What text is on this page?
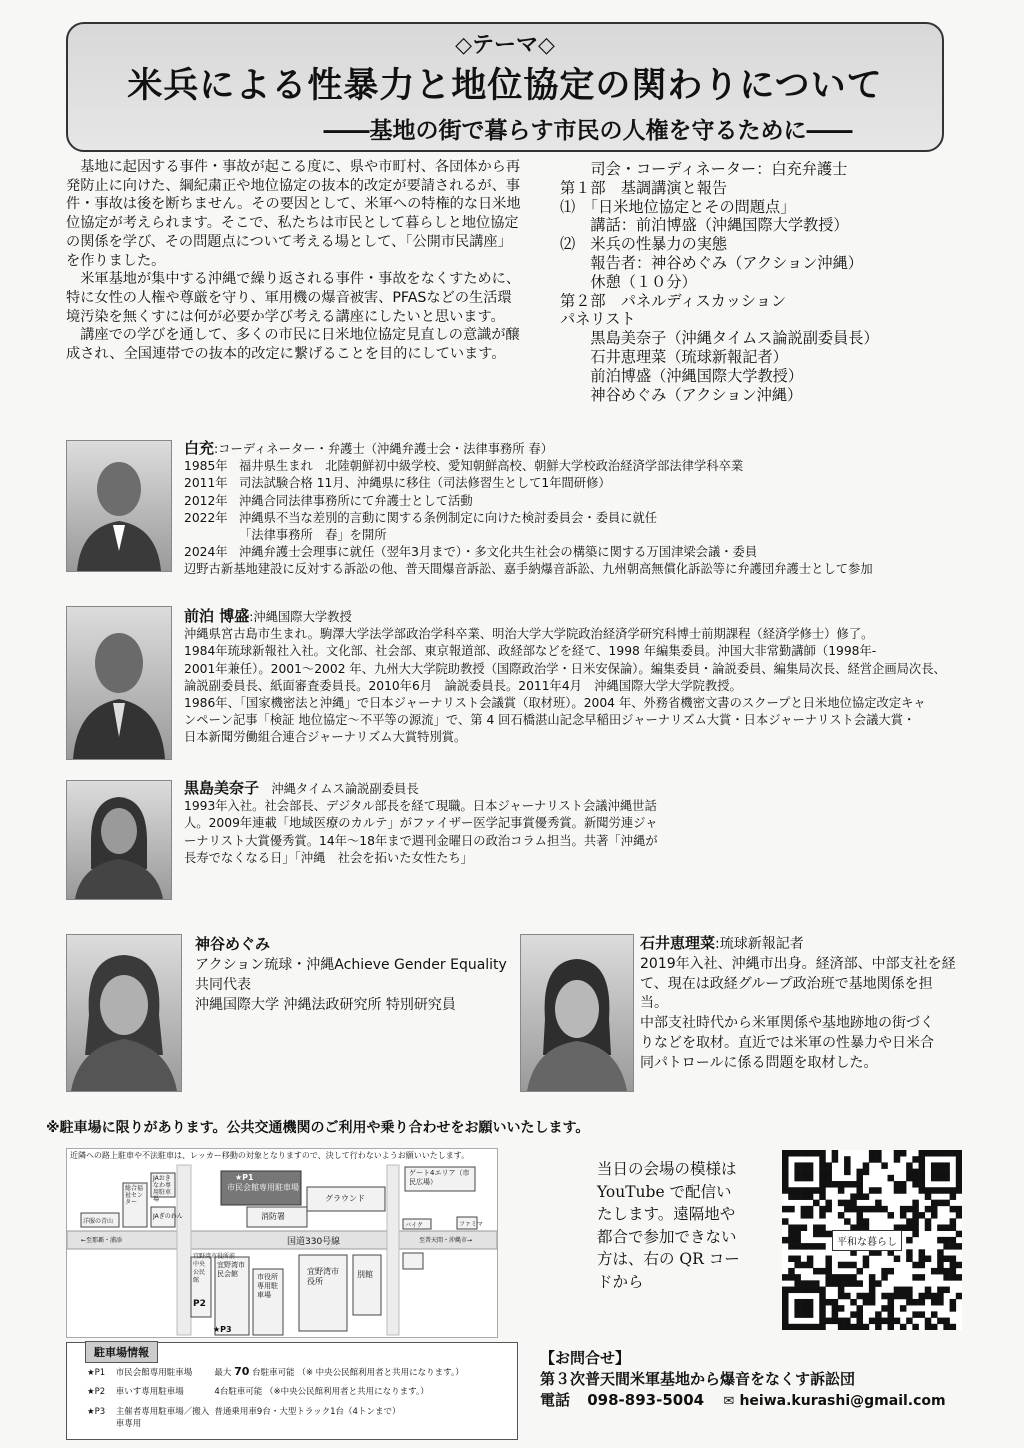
◇テーマ◇
米兵による性暴力と地位協定の関わりについて
――基地の街で暮らす市民の人権を守るために――

基地に起因する事件・事故が起こる度に、県や市町村、各団体から再発防止に向けた、綱紀粛正や地位協定の抜本的改定が要請されるが、事件・事故は後を断ちません。その要因として、米軍への特権的な日米地位協定が考えられます。そこで、私たちは市民として暮らしと地位協定の関係を学び、その問題点について考える場として、「公開市民講座」を作りました。

米軍基地が集中する沖縄で繰り返される事件・事故をなくすために、特に女性の人権や尊厳を守り、軍用機の爆音被害、PFASなどの生活環境汚染を無くすには何が必要か学び考える講座にしたいと思います。

講座での学びを通して、多くの市民に日米地位協定見直しの意識が醸成され、全国連帯での抜本的改定に繋げることを目的にしています。

　　司会・コーディネーター：白充弁護士
第１部　基調講演と報告
⑴　「日米地位協定とその問題点」
　　講話：前泊博盛（沖縄国際大学教授）
⑵　米兵の性暴力の実態
　　報告者：神谷めぐみ（アクション沖縄）
　　休憩（１０分）
第２部　パネルディスカッション
パネリスト
　　黒島美奈子（沖縄タイムス論説副委員長）
　　石井恵理菜（琉球新報記者）
　　前泊博盛（沖縄国際大学教授）
　　神谷めぐみ（アクション沖縄）
白充:コーディネーター・弁護士（沖縄弁護士会・法律事務所 春）
1985年 福井県生まれ　北陸朝鮮初中級学校、愛知朝鮮高校、朝鮮大学校政治経済学部法律学科卒業
2011年 司法試験合格 11月、沖縄県に移住（司法修習生として1年間研修）
2012年 沖縄合同法律事務所にて弁護士として活動
2022年 沖縄県不当な差別的言動に関する条例制定に向けた検討委員会・委員に就任
「法律事務所　春」を開所
2024年 沖縄弁護士会理事に就任（翌年3月まで）・多文化共生社会の構築に関する万国津梁会議・委員
辺野古新基地建設に反対する訴訟の他、普天間爆音訴訟、嘉手納爆音訴訟、九州朝高無償化訴訟等に弁護団弁護士として参加
前泊 博盛:沖縄国際大学教授
沖縄県宮古島市生まれ。駒澤大学法学部政治学科卒業、明治大学大学院政治経済学研究科博士前期課程（経済学修士）修了。
1984年琉球新報社入社。文化部、社会部、東京報道部、政経部などを経て、1998 年編集委員。沖国大非常勤講師（1998年-
2001年兼任）。2001～2002 年、九州大大学院助教授（国際政治学・日米安保論）。編集委員・論説委員、編集局次長、経営企画局次長、
論説副委員長、紙面審査委員長。2010年6月　論説委員長。2011年4月　沖縄国際大学大学院教授。
1986年、「国家機密法と沖縄」で日本ジャーナリスト会議賞（取材班）。2004 年、外務省機密文書のスクープと日米地位協定改定キャ
ンペーン記事「検証 地位協定～不平等の源流」で、第 4 回石橋湛山記念早稲田ジャーナリズム大賞・日本ジャーナリスト会議大賞・
日本新聞労働組合連合ジャーナリズム大賞特別賞。
黒島美奈子　 沖縄タイムス論説副委員長
1993年入社。社会部長、デジタル部長を経て現職。日本ジャーナリスト会議沖縄世話
人。2009年連載「地域医療のカルテ」がファイザー医学記事賞優秀賞。新聞労連ジャ
ーナリスト大賞優秀賞。14年～18年まで週刊金曜日の政治コラム担当。共著「沖縄が
長寿でなくなる日」「沖縄　社会を拓いた女性たち」
神谷めぐみ
アクション琉球・沖縄Achieve Gender Equality
共同代表
沖縄国際大学 沖縄法政研究所 特別研究員
石井恵理菜:琉球新報記者
2019年入社、沖縄市出身。経済部、中部支社を経
て、現在は政経グループ政治班で基地関係を担
当。
中部支社時代から米軍関係や基地跡地の街づく
りなどを取材。直近では米軍の性暴力や日米合
同パトロールに係る問題を取材した。
※駐車場に限りがあります。公共交通機関のご利用や乗り合わせをお願いいたします。
★P1
市民会館専用駐車場
ゲート4エリア（市民広場）
グラウンド
消防署
国道330号線
←至那覇・浦添	至普天間・沖縄市→
宜野湾市役所
市役所専用駐車場
別館
宜野湾市民会館
中央公民館
P2
★P3
JAぎのわん
洋服の青山
バイク	ファミマ
宜野湾市役所前
JAおきなわ専用駐車場
総合福祉センター
近隣への路上駐車や不法駐車は、レッカー移動の対象となりますので、決して行わないようお願いいたします。
駐車場情報
★P1 市民会館専用駐車場	最大 70 台駐車可能 （※ 中央公民館利用者と共用になります。）
★P2 車いす専用駐車場	4台駐車可能 （※中央公民館利用者と共用になります。）
★P3 主催者専用駐車場／搬入車専用 普通乗用車9台・大型トラック1台（4トンまで）
当日の会場の模様は
YouTube で配信い
たします。遠隔地や
都合で参加できない
方は、右の QR コー
ドから
平和な暮らし
【お問合せ】
第３次普天間米軍基地から爆音をなくす訴訟団
電話 098-893-5004 ✉ heiwa.kurashi@gmail.com
